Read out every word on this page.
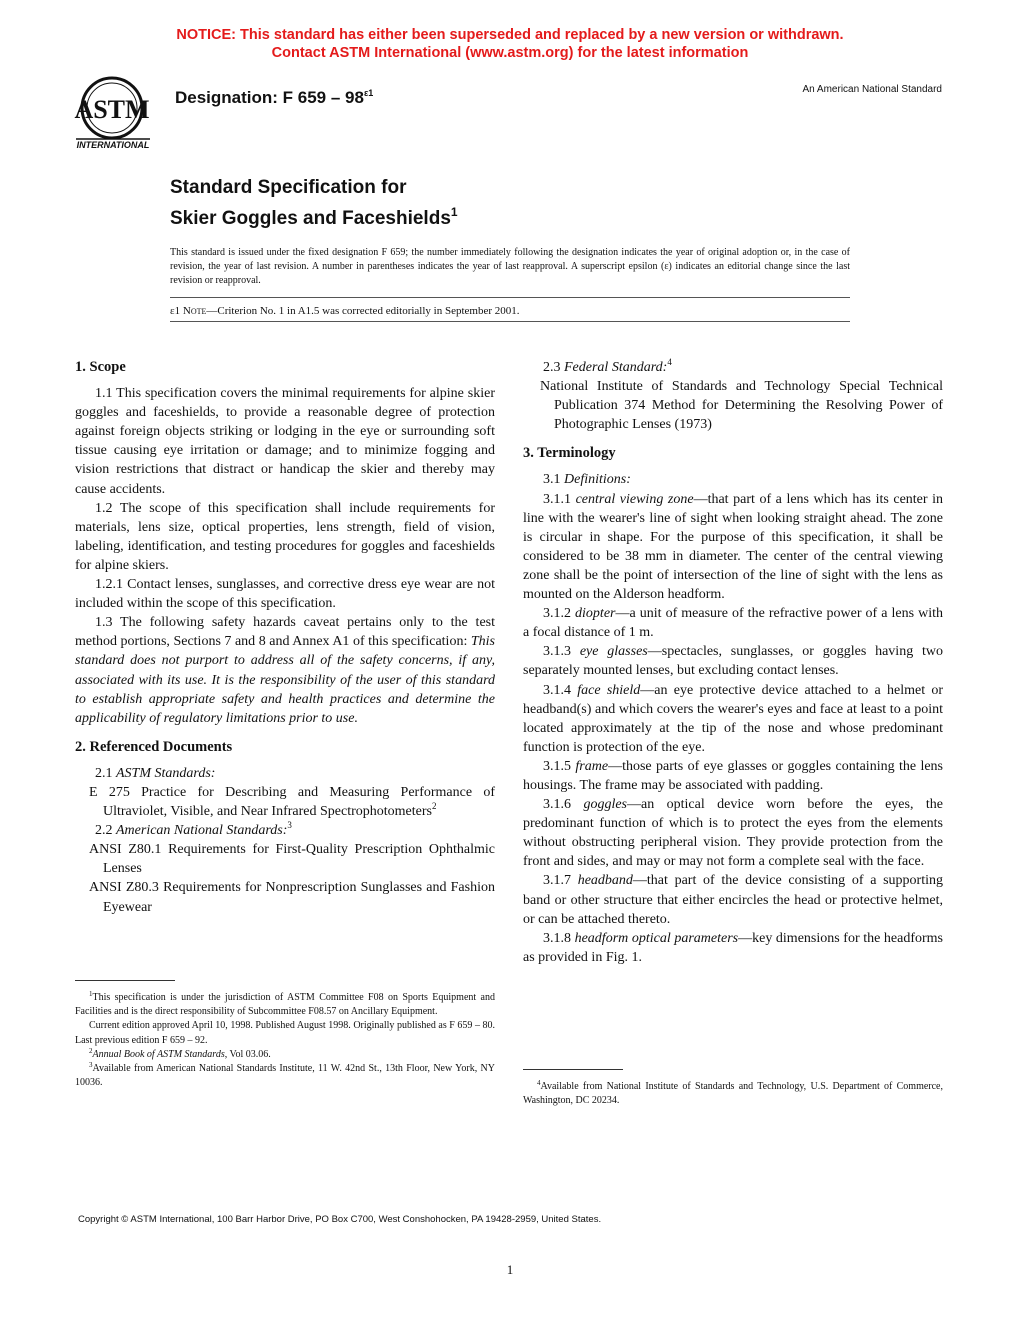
NOTICE: This standard has either been superseded and replaced by a new version or withdrawn.
Contact ASTM International (www.astm.org) for the latest information
ASTM
INTERNATIONAL
Designation: F $659 - 98^{\varepsilon 1}$	An American National Standard
Standard Specification for
Skier Goggles and Faceshields$^1$
This standard is issued under the fixed designation F 659; the number immediately following the designation indicates the year of original adoption or, in the case of revision, the year of last revision. A number in parentheses indicates the year of last reapproval. A superscript epsilon (ε) indicates an editorial change since the last revision or reapproval.
ε1 Note—Criterion No. 1 in A1.5 was corrected editorially in September 2001.
1. Scope

1.1 This specification covers the minimal requirements for alpine skier goggles and faceshields, to provide a reasonable degree of protection against foreign objects striking or lodging in the eye or surrounding soft tissue causing eye irritation or damage; and to minimize fogging and vision restrictions that distract or handicap the skier and thereby may cause accidents.

1.2 The scope of this specification shall include requirements for materials, lens size, optical properties, lens strength, field of vision, labeling, identification, and testing procedures for goggles and faceshields for alpine skiers.

1.2.1 Contact lenses, sunglasses, and corrective dress eye wear are not included within the scope of this specification.

1.3 The following safety hazards caveat pertains only to the test method portions, Sections 7 and 8 and Annex A1 of this specification: This standard does not purport to address all of the safety concerns, if any, associated with its use. It is the responsibility of the user of this standard to establish appropriate safety and health practices and determine the applicability of regulatory limitations prior to use.

2. Referenced Documents

2.1 ASTM Standards:

E 275 Practice for Describing and Measuring Performance of Ultraviolet, Visible, and Near Infrared Spectrophotometers$^2$

2.2 American National Standards:$^3$

ANSI Z80.1 Requirements for First-Quality Prescription Ophthalmic Lenses

ANSI Z80.3 Requirements for Nonprescription Sunglasses and Fashion Eyewear

$^1$This specification is under the jurisdiction of ASTM Committee F08 on Sports Equipment and Facilities and is the direct responsibility of Subcommittee F08.57 on Ancillary Equipment.

Current edition approved April 10, 1998. Published August 1998. Originally published as F 659 – 80. Last previous edition F 659 – 92.

$^2$Annual Book of ASTM Standards, Vol 03.06.

$^3$Available from American National Standards Institute, 11 W. 42nd St., 13th Floor, New York, NY 10036.

2.3 Federal Standard:$^4$

National Institute of Standards and Technology Special Technical Publication 374 Method for Determining the Resolving Power of Photographic Lenses (1973)

3. Terminology

3.1 Definitions:

3.1.1 central viewing zone—that part of a lens which has its center in line with the wearer's line of sight when looking straight ahead. The zone is circular in shape. For the purpose of this specification, it shall be considered to be 38 mm in diameter. The center of the central viewing zone shall be the point of intersection of the line of sight with the lens as mounted on the Alderson headform.

3.1.2 diopter—a unit of measure of the refractive power of a lens with a focal distance of 1 m.

3.1.3 eye glasses—spectacles, sunglasses, or goggles having two separately mounted lenses, but excluding contact lenses.

3.1.4 face shield—an eye protective device attached to a helmet or headband(s) and which covers the wearer's eyes and face at least to a point located approximately at the tip of the nose and whose predominant function is protection of the eye.

3.1.5 frame—those parts of eye glasses or goggles containing the lens housings. The frame may be associated with padding.

3.1.6 goggles—an optical device worn before the eyes, the predominant function of which is to protect the eyes from the elements without obstructing peripheral vision. They provide protection from the front and sides, and may or may not form a complete seal with the face.

3.1.7 headband—that part of the device consisting of a supporting band or other structure that either encircles the head or protective helmet, or can be attached thereto.

3.1.8 headform optical parameters—key dimensions for the headforms as provided in Fig. 1.

$^4$Available from National Institute of Standards and Technology, U.S. Department of Commerce, Washington, DC 20234.

Copyright © ASTM International, 100 Barr Harbor Drive, PO Box C700, West Conshohocken, PA 19428-2959, United States.
1
